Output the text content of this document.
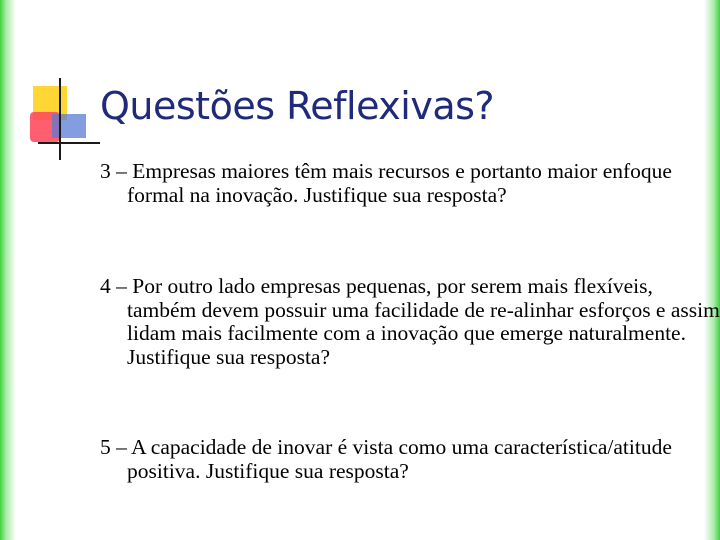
Questões Reflexivas?

3 – Empresas maiores têm mais recursos e portanto maior enfoque formal na inovação. Justifique sua resposta?

4 – Por outro lado empresas pequenas, por serem mais flexíveis, também devem possuir uma facilidade de re-alinhar esforços e assim lidam mais facilmente com a inovação que emerge naturalmente. Justifique sua resposta?

5 – A capacidade de inovar é vista como uma característica/atitude positiva. Justifique sua resposta?
